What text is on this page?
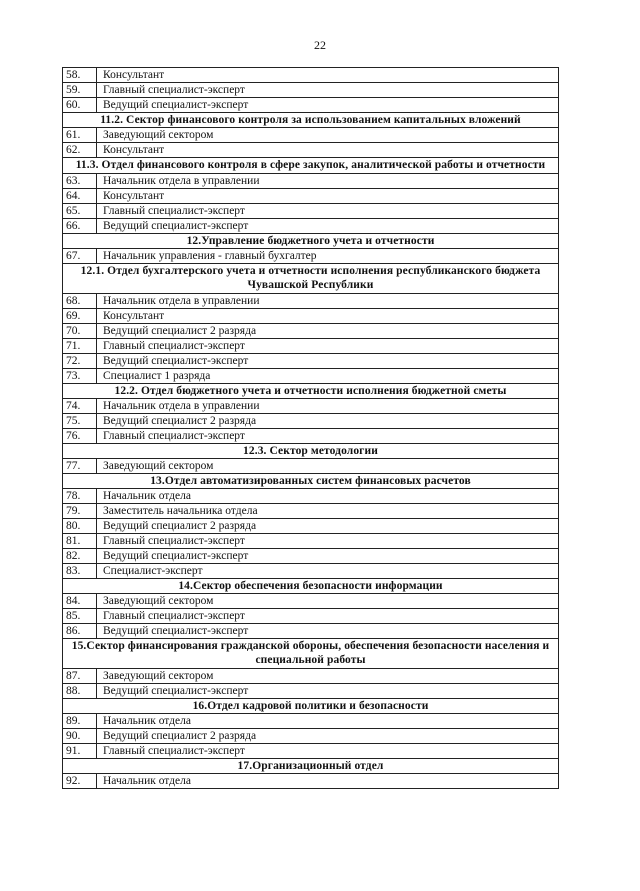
22
58.	Консультант
59.	Главный специалист-эксперт
60.	Ведущий специалист-эксперт
11.2. Сектор финансового контроля за использованием капитальных вложений	
61.	Заведующий сектором
62.	Консультант
11.3. Отдел финансового контроля в сфере закупок, аналитической работы и отчетности	
63.	Начальник отдела в управлении
64.	Консультант
65.	Главный специалист-эксперт
66.	Ведущий специалист-эксперт
12.Управление бюджетного учета и отчетности	
67.	Начальник управления - главный бухгалтер
12.1. Отдел бухгалтерского учета и отчетности исполнения республиканского бюджета Чувашской Республики	
68.	Начальник отдела в управлении
69.	Консультант
70.	Ведущий специалист 2 разряда
71.	Главный специалист-эксперт
72.	Ведущий специалист-эксперт
73.	Специалист 1 разряда
12.2. Отдел бюджетного учета и отчетности исполнения бюджетной сметы	
74.	Начальник отдела в управлении
75.	Ведущий специалист 2 разряда
76.	Главный специалист-эксперт
12.3. Сектор методологии	
77.	Заведующий сектором
13.Отдел автоматизированных систем финансовых расчетов	
78.	Начальник отдела
79.	Заместитель начальника отдела
80.	Ведущий специалист 2 разряда
81.	Главный специалист-эксперт
82.	Ведущий специалист-эксперт
83.	Специалист-эксперт
14.Сектор обеспечения безопасности информации	
84.	Заведующий сектором
85.	Главный специалист-эксперт
86.	Ведущий специалист-эксперт
15.Сектор финансирования гражданской обороны, обеспечения безопасности населения и специальной работы	
87.	Заведующий сектором
88.	Ведущий специалист-эксперт
16.Отдел кадровой политики и безопасности	
89.	Начальник отдела
90.	Ведущий специалист 2 разряда
91.	Главный специалист-эксперт
17.Организационный отдел	
92.	Начальник отдела
